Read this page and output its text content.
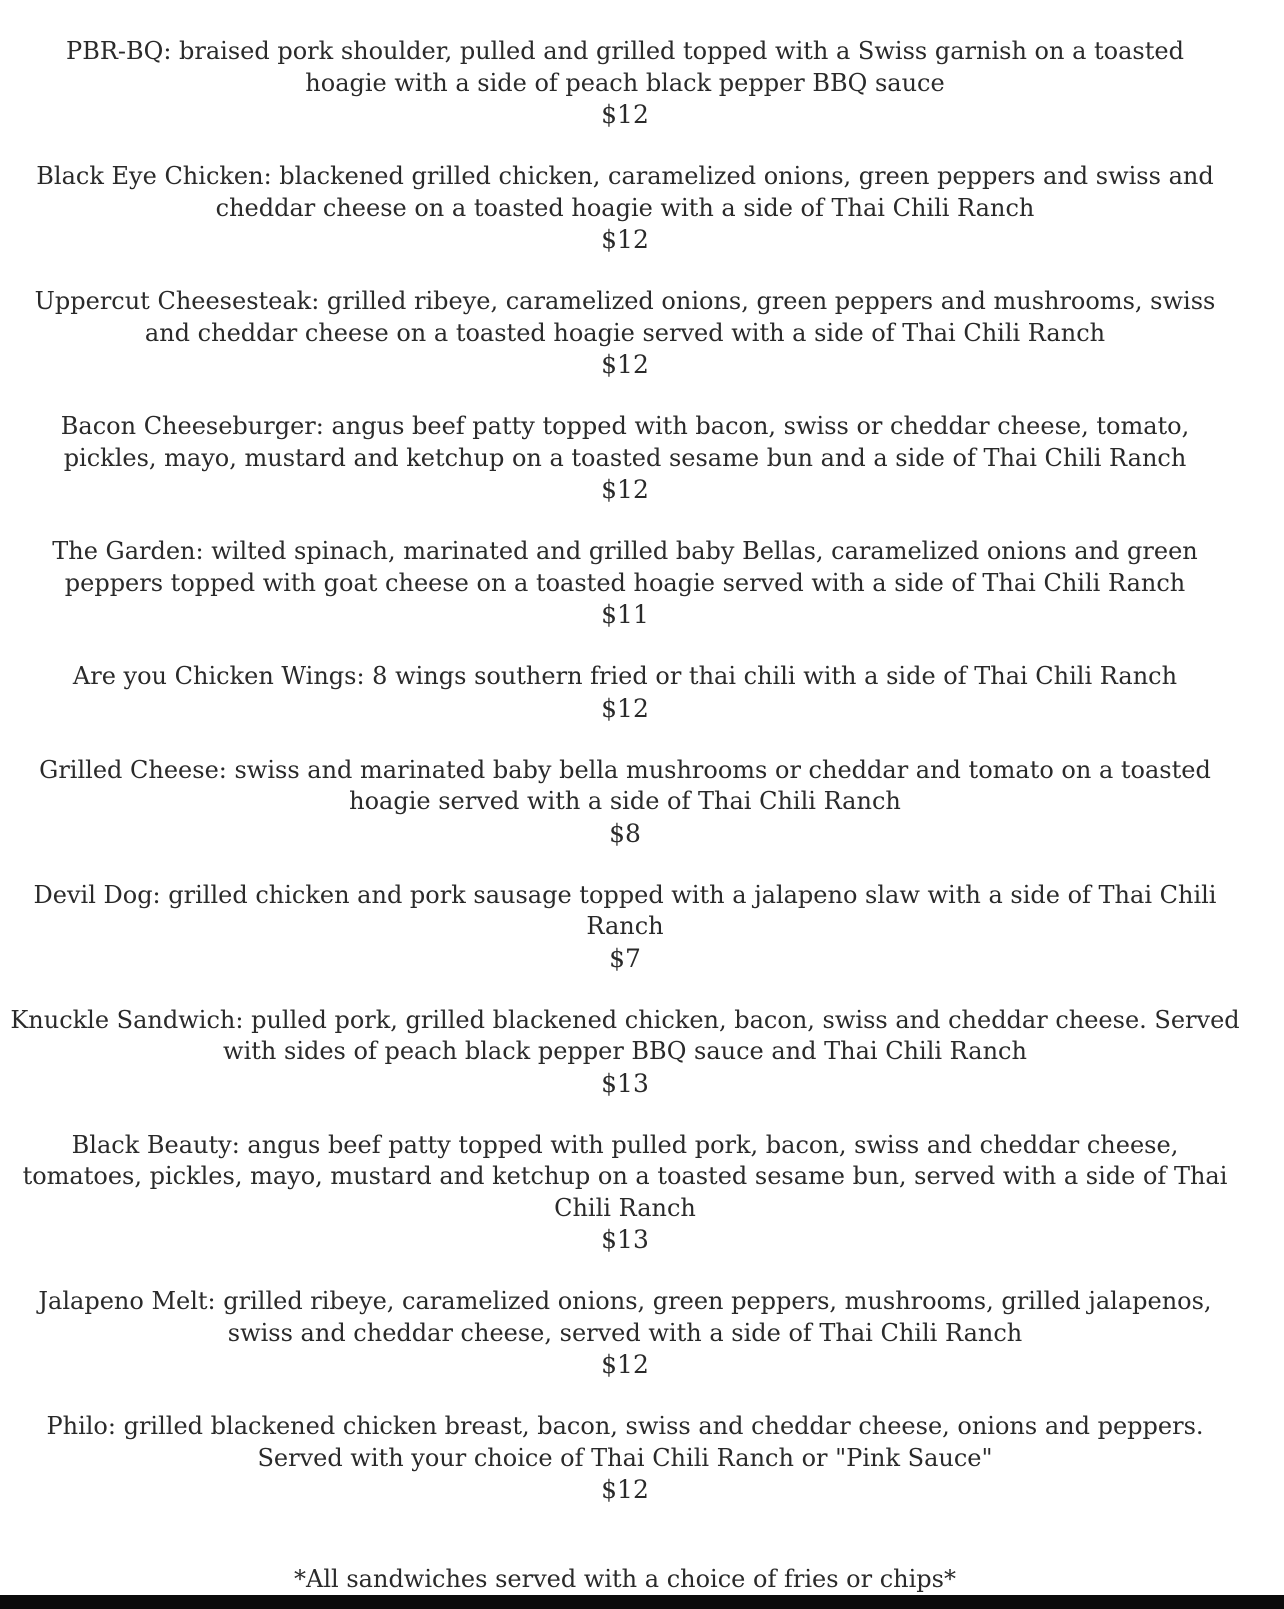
PBR-BQ: braised pork shoulder, pulled and grilled topped with a Swiss garnish on a toasted
hoagie with a side of peach black pepper BBQ sauce
$12
Black Eye Chicken: blackened grilled chicken, caramelized onions, green peppers and swiss and
cheddar cheese on a toasted hoagie with a side of Thai Chili Ranch
$12
Uppercut Cheesesteak: grilled ribeye, caramelized onions, green peppers and mushrooms, swiss
and cheddar cheese on a toasted hoagie served with a side of Thai Chili Ranch
$12
Bacon Cheeseburger: angus beef patty topped with bacon, swiss or cheddar cheese, tomato,
pickles, mayo, mustard and ketchup on a toasted sesame bun and a side of Thai Chili Ranch
$12
The Garden: wilted spinach, marinated and grilled baby Bellas, caramelized onions and green
peppers topped with goat cheese on a toasted hoagie served with a side of Thai Chili Ranch
$11
Are you Chicken Wings: 8 wings southern fried or thai chili with a side of Thai Chili Ranch
$12
Grilled Cheese: swiss and marinated baby bella mushrooms or cheddar and tomato on a toasted
hoagie served with a side of Thai Chili Ranch
$8
Devil Dog: grilled chicken and pork sausage topped with a jalapeno slaw with a side of Thai Chili
Ranch
$7
Knuckle Sandwich: pulled pork, grilled blackened chicken, bacon, swiss and cheddar cheese. Served
with sides of peach black pepper BBQ sauce and Thai Chili Ranch
$13
Black Beauty: angus beef patty topped with pulled pork, bacon, swiss and cheddar cheese,
tomatoes, pickles, mayo, mustard and ketchup on a toasted sesame bun, served with a side of Thai
Chili Ranch
$13
Jalapeno Melt: grilled ribeye, caramelized onions, green peppers, mushrooms, grilled jalapenos,
swiss and cheddar cheese, served with a side of Thai Chili Ranch
$12
Philo: grilled blackened chicken breast, bacon, swiss and cheddar cheese, onions and peppers.
Served with your choice of Thai Chili Ranch or "Pink Sauce"
$12
*All sandwiches served with a choice of fries or chips*
